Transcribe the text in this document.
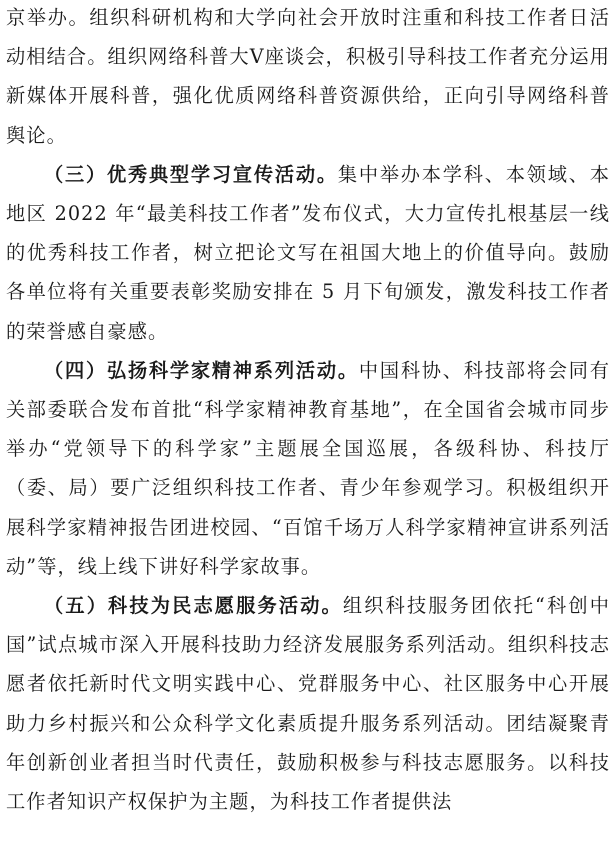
京举办。组织科研机构和大学向社会开放时注重和科技工作者日活动相结合。组织网络科普大V座谈会，积极引导科技工作者充分运用新媒体开展科普，强化优质网络科普资源供给，正向引导网络科普舆论。

（三）优秀典型学习宣传活动。集中举办本学科、本领域、本地区 2022 年“最美科技工作者”发布仪式，大力宣传扎根基层一线的优秀科技工作者，树立把论文写在祖国大地上的价值导向。鼓励各单位将有关重要表彰奖励安排在 5 月下旬颁发，激发科技工作者的荣誉感自豪感。

（四）弘扬科学家精神系列活动。中国科协、科技部将会同有关部委联合发布首批“科学家精神教育基地”，在全国省会城市同步举办“党领导下的科学家”主题展全国巡展，各级科协、科技厅（委、局）要广泛组织科技工作者、青少年参观学习。积极组织开展科学家精神报告团进校园、“百馆千场万人科学家精神宣讲系列活动”等，线上线下讲好科学家故事。

（五）科技为民志愿服务活动。组织科技服务团依托“科创中国”试点城市深入开展科技助力经济发展服务系列活动。组织科技志愿者依托新时代文明实践中心、党群服务中心、社区服务中心开展助力乡村振兴和公众科学文化素质提升服务系列活动。团结凝聚青年创新创业者担当时代责任，鼓励积极参与科技志愿服务。以科技工作者知识产权保护为主题，为科技工作者提供法
